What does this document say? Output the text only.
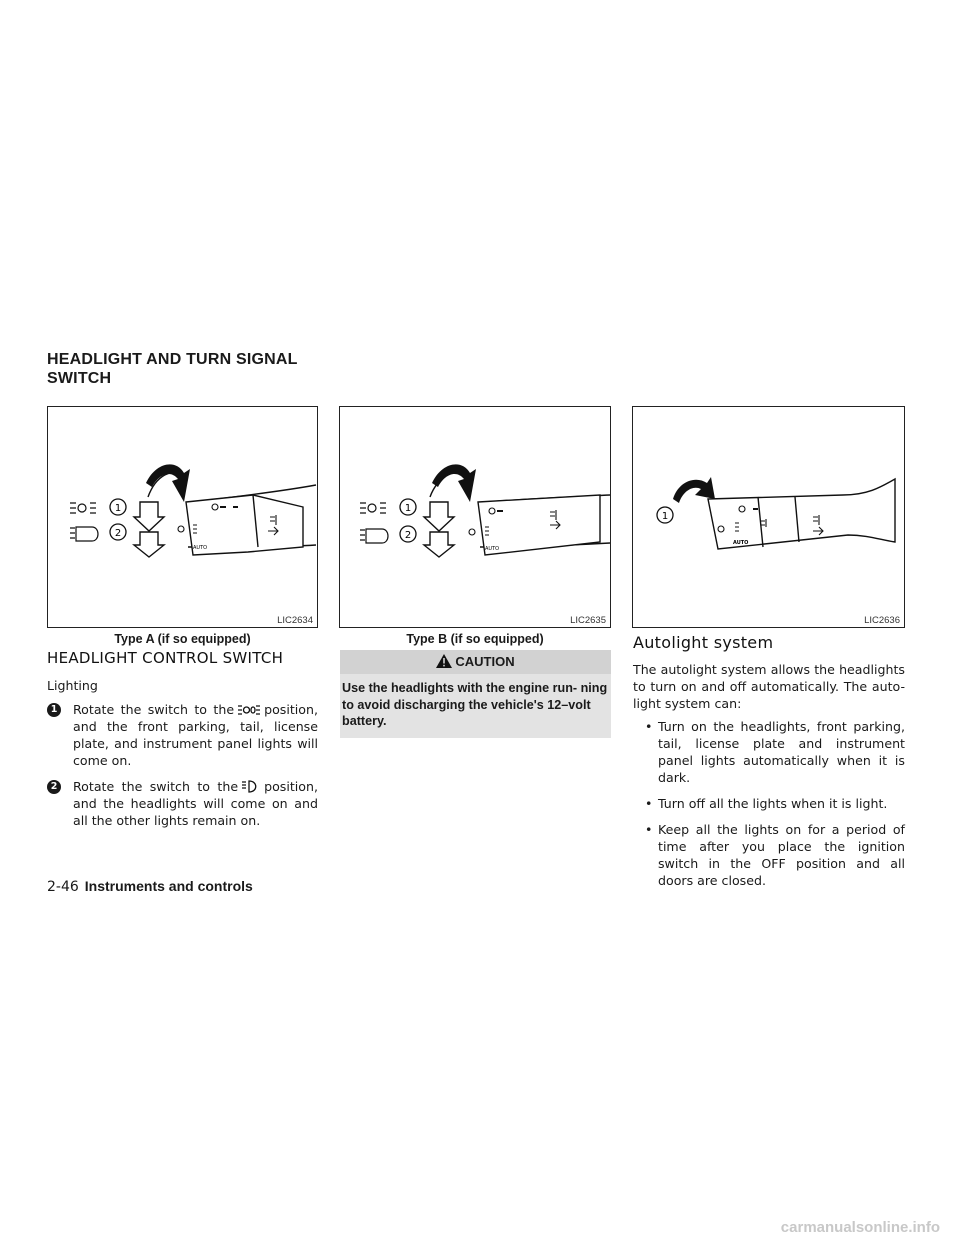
HEADLIGHT AND TURN SIGNAL SWITCH
1
2
AUTO
LIC2634
Type A (if so equipped)
1
2
AUTO
LIC2635
Type B (if so equipped)
1
AUTO
LIC2636
HEADLIGHT CONTROL SWITCH
Lighting
1 Rotate the switch to the position, and the front parking, tail, license plate, and instrument panel lights will come on.
2 Rotate the switch to the position, and the headlights will come on and all the other lights remain on.
CAUTION
Use the headlights with the engine run- ning to avoid discharging the vehicle's 12–volt battery.
Autolight system
The autolight system allows the headlights to turn on and off automatically. The auto- light system can:
• Turn on the headlights, front parking, tail, license plate and instrument panel lights automatically when it is dark.
• Turn off all the lights when it is light.
• Keep all the lights on for a period of time after you place the ignition switch in the OFF position and all doors are closed.
2-46 Instruments and controls
carmanualsonline.info
